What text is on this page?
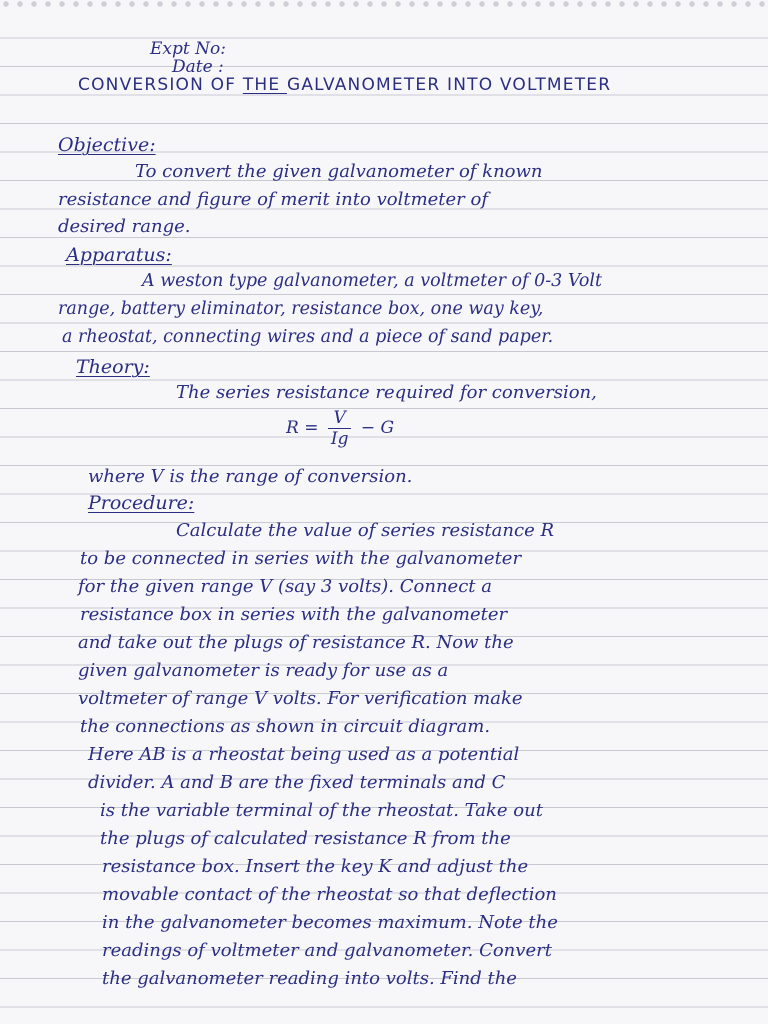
Expt No:
Date :
CONVERSION OF THE GALVANOMETER INTO VOLTMETER
Objective:
To convert the given galvanometer of known
resistance and figure of merit into voltmeter of
desired range.
Apparatus:
A weston type galvanometer, a voltmeter of 0-3 Volt
range, battery eliminator, resistance box, one way key,
a rheostat, connecting wires and a piece of sand paper.
Theory:
The series resistance required for conversion,
$R = \frac{V}{Ig} - G$
where V is the range of conversion.
Procedure:
Calculate the value of series resistance R
to be connected in series with the galvanometer
for the given range V (say 3 volts). Connect a
resistance box in series with the galvanometer
and take out the plugs of resistance R. Now the
given galvanometer is ready for use as a
voltmeter of range V volts. For verification make
the connections as shown in circuit diagram.
Here AB is a rheostat being used as a potential
divider. A and B are the fixed terminals and C
is the variable terminal of the rheostat. Take out
the plugs of calculated resistance R from the
resistance box. Insert the key K and adjust the
movable contact of the rheostat so that deflection
in the galvanometer becomes maximum. Note the
readings of voltmeter and galvanometer. Convert
the galvanometer reading into volts. Find the
